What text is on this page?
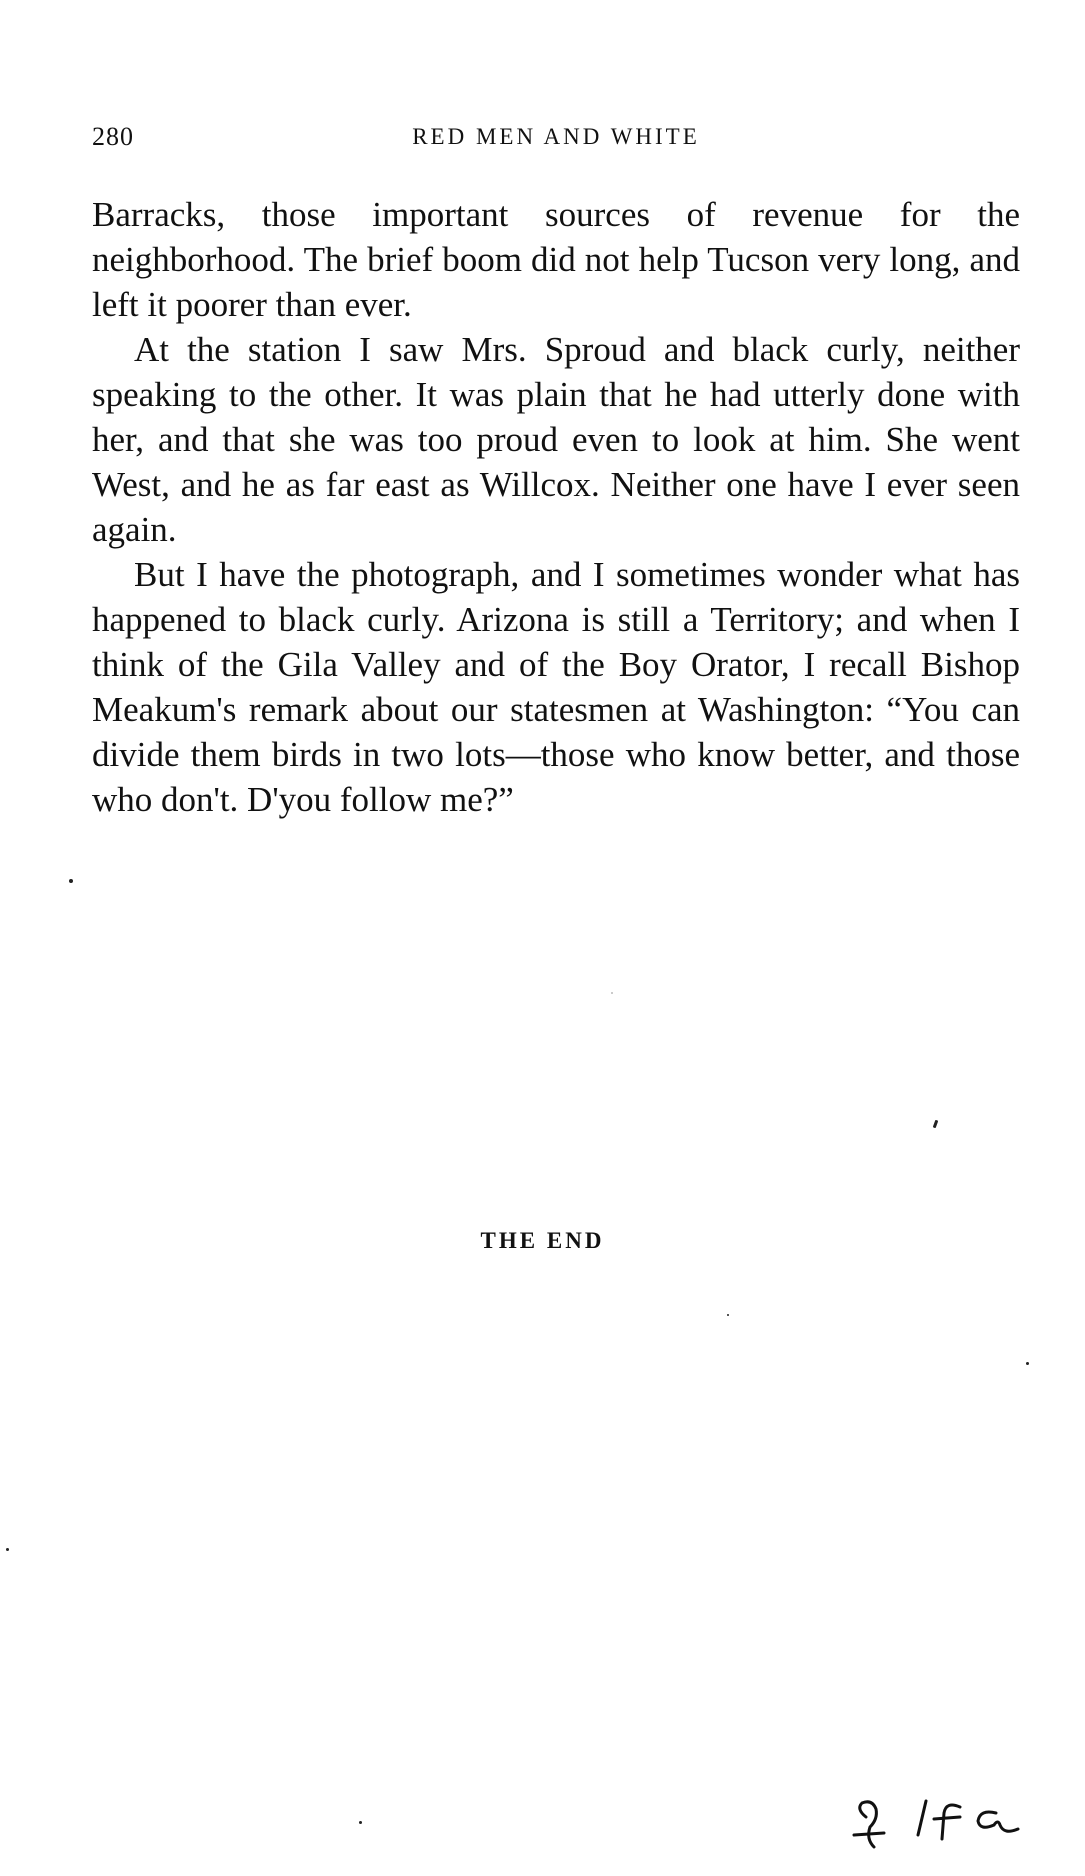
280	RED MEN AND WHITE

Barracks, those important sources of revenue for the neighborhood. The brief boom did not help Tucson very long, and left it poorer than ever.

At the station I saw Mrs. Sproud and black curly, neither speaking to the other. It was plain that he had utterly done with her, and that she was too proud even to look at him. She went West, and he as far east as Willcox. Neither one have I ever seen again.

But I have the photograph, and I sometimes wonder what has happened to black curly. Arizona is still a Territory; and when I think of the Gila Valley and of the Boy Orator, I recall Bishop Meakum's remark about our statesmen at Washington: “You can divide them birds in two lots—those who know better, and those who don't. D'you follow me?”

THE END
